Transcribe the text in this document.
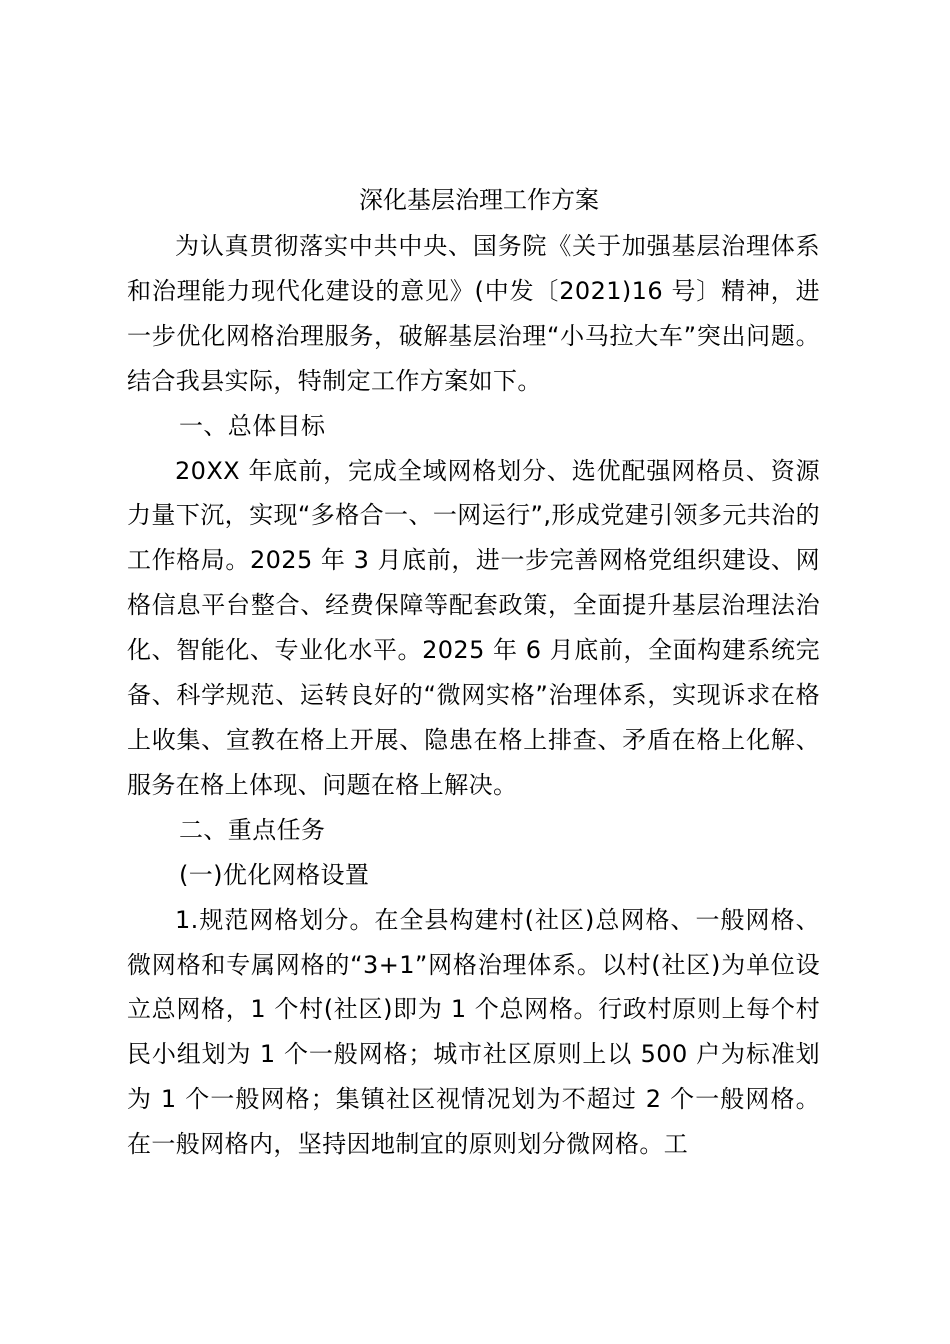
深化基层治理工作方案

为认真贯彻落实中共中央、国务院《关于加强基层治理体系和治理能力现代化建设的意见》(中发〔2021)16 号〕精神，进一步优化网格治理服务，破解基层治理“小马拉大车”突出问题。结合我县实际，特制定工作方案如下。

一、总体目标

20XX 年底前，完成全域网格划分、选优配强网格员、资源力量下沉，实现“多格合一、一网运行”,形成党建引领多元共治的工作格局。2025 年 3 月底前，进一步完善网格党组织建设、网格信息平台整合、经费保障等配套政策，全面提升基层治理法治化、智能化、专业化水平。2025 年 6 月底前，全面构建系统完备、科学规范、运转良好的“微网实格”治理体系，实现诉求在格上收集、宣教在格上开展、隐患在格上排查、矛盾在格上化解、服务在格上体现、问题在格上解决。

二、重点任务

(一)优化网格设置

1.规范网格划分。在全县构建村(社区)总网格、一般网格、微网格和专属网格的“3+1”网格治理体系。以村(社区)为单位设立总网格，1 个村(社区)即为 1 个总网格。行政村原则上每个村民小组划为 1 个一般网格；城市社区原则上以 500 户为标准划为 1 个一般网格；集镇社区视情况划为不超过 2 个一般网格。在一般网格内，坚持因地制宜的原则划分微网格。工
